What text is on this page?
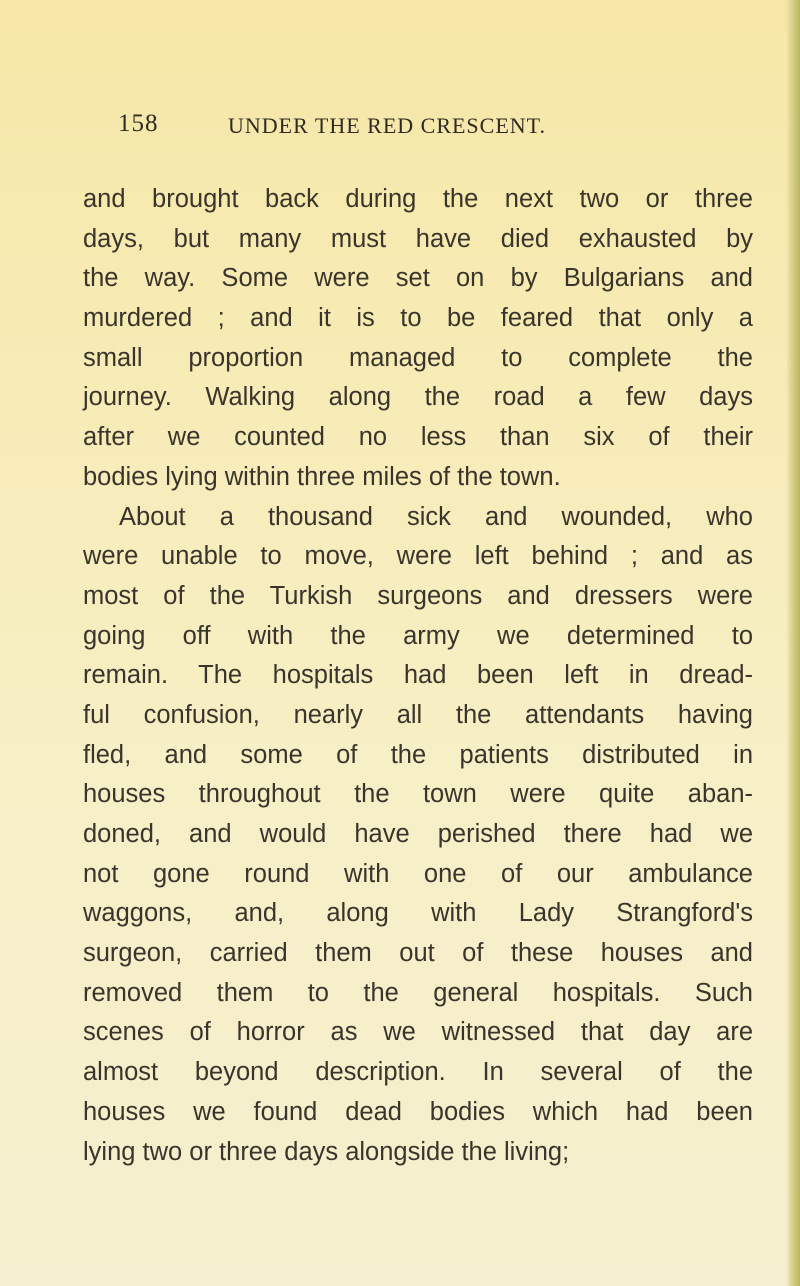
158	UNDER THE RED CRESCENT.
and brought back during the next two or three
days, but many must have died exhausted by
the way. Some were set on by Bulgarians and
murdered ; and it is to be feared that only a
small proportion managed to complete the
journey. Walking along the road a few days
after we counted no less than six of their
bodies lying within three miles of the town.
About a thousand sick and wounded, who
were unable to move, were left behind ; and as
most of the Turkish surgeons and dressers were
going off with the army we determined to
remain. The hospitals had been left in dread-
ful confusion, nearly all the attendants having
fled, and some of the patients distributed in
houses throughout the town were quite aban-
doned, and would have perished there had we
not gone round with one of our ambulance
waggons, and, along with Lady Strangford's
surgeon, carried them out of these houses and
removed them to the general hospitals. Such
scenes of horror as we witnessed that day are
almost beyond description. In several of the
houses we found dead bodies which had been
lying two or three days alongside the living;
